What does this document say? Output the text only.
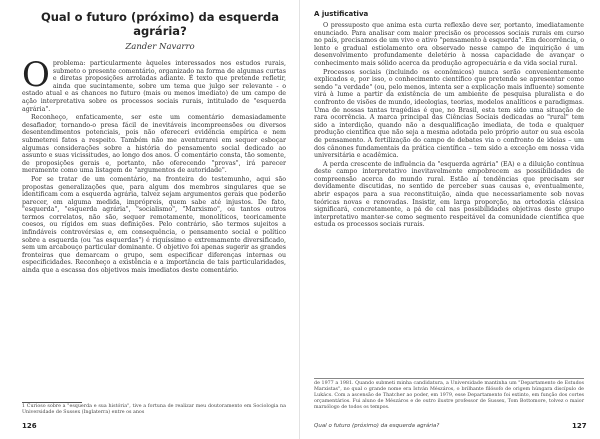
Qual o futuro (próximo) da esquerda agrária?
Zander Navarro

Oproblema: particularmente àqueles interessados nos estudos rurais, submeto o presente comentário, organizado na forma de algumas curtas e diretas proposições arroladas adiante. É texto que pretende refletir, ainda que sucintamente, sobre um tema que julgo ser relevante - o estado atual e as chances no futuro (mais ou menos imediato) de um campo de ação interpretativa sobre os processos sociais rurais, intitulado de "esquerda agrária".

Reconheço, enfaticamente, ser este um comentário demasiadamente desafiador, tornando-o presa fácil de inevitáveis incompreensões ou diversos desentendimentos potenciais, pois não ofereceri evidência empírica e nem submeterei fatos a respeito. Também não me aventurarei em sequer esboçar algumas considerações sobre a história do pensamento social dedicado ao assunto e suas vicissitudes, ao longo dos anos. O comentário consta, tão somente, de proposições gerais e, portanto, não oferecendo "provas", irá parecer meramente como uma listagem de "argumentos de autoridade".

Por se tratar de um comentário, na fronteira do testemunho, aqui são propostas generalizações que, para algum dos membros singulares que se identificam com a esquerda agrária, talvez sejam argumentos gerais que poderão parecer, em alguma medida, imprópreis, quem sabe até injustos. De fato, "esquerda", "esquerda agrária", "socialismo", "Marxismo", ou tantos outros termos correlatos, não são, sequer remotamente, monolíticos, teoricamente coesos, ou rígidos em suas definições. Pelo contrário, são termos sujeitos a infindáveis controvérsias e, em consequência, o pensamento social e político sobre a esquerda (ou "as esquerdas") é riquíssimo e extremamente diversificado, sem um arcabouço particular dominante. O objetivo foi apenas sugerir as grandes fronteiras que demarcam o grupo, sem especificar diferenças internas ou especificidades. Reconheço a existência e a importância de tais particularidades, ainda que a escassa dos objetivos mais imediatos deste comentário.

1 Curioso sobre a "esquerda e sua história", tive a fortuna de realizar meu doutoramento em Sociologia na Universidade de Sussex (Inglaterra) entre os anos
126
A justificativa

O pressuposto que anima esta curta reflexão deve ser, portanto, imediatamente enunciado. Para analisar com maior precisão os processos sociais rurais em curso no país, precisamos de um vivo e ativo "pensamento à esquerda". Em decorrência, o lento e gradual estiolamento ora observado nesse campo de inquirição é um desenvolvimento profundamente deletério à nossa capacidade de avançar o conhecimento mais sólido acerca da produção agropecuária e da vida social rural.

Processos sociais (incluindo os econômicos) nunca serão convenientemente explicados e, por isso, o conhecimento científico que pretende se apresentar como sendo "a verdade" (ou, pelo menos, intenta ser a explicação mais influente) somente virá à lume a partir da existência de um ambiente de pesquisa pluralista e do confronto de visões de mundo, ideologias, teorias, modelos analíticos e paradigmas. Uma de nossas tantas tragédias é que, no Brasil, esta tem sido uma situação de rara ocorrência. A marca principal das Ciências Sociais dedicadas ao "rural" tem sido a interdição, quando não a desqualificação imediata, de toda e qualquer produção científica que não seja a mesma adotada pelo próprio autor ou sua escola de pensamento. A fertilização do campo de debates via o confronto de ideias – um dos cânones fundamentais da prática científica – tem sido a exceção em nossa vida universitária e acadêmica.

A perda crescente de influência da "esquerda agrária" (EA) e a diluição contínua deste campo interpretativo inevitavelmente empobrecem as possibilidades de compreensão acerca do mundo rural. Estão aí tendências que precisam ser devidamente discutidas, no sentido de perceber suas causas e, eventualmente, abrir espaços para a sua reconstituição, ainda que necessariamente sob novas teóricas novas e renovadas. Insistir, em larga proporção, na ortodoxia clássica significará, concretamente, a pá de cal nas possibilidades objetivas deste grupo interpretativo manter-se como segmento respeitável da comunidade científica que estuda os processos sociais rurais.

de 1977 a 1981. Quando submeti minha candidatura, a Universidade mantinha um "Departamento de Estudos Marxistas", no qual o grande nome era István Mészáros, o brilhante filósofo de origem húngara discípulo de Lukács. Com a ascensão de Thatcher ao poder, em 1979, esse Departamento foi extinto, em função dos cortes orçamentários. Fui aluno de Mészáros e de outro ilustre professor de Sussex, Tom Bottomore, tolvez o maior marxólogo de todos os tempos.
Qual o futuro (próximo) da esquerda agrária?	127
